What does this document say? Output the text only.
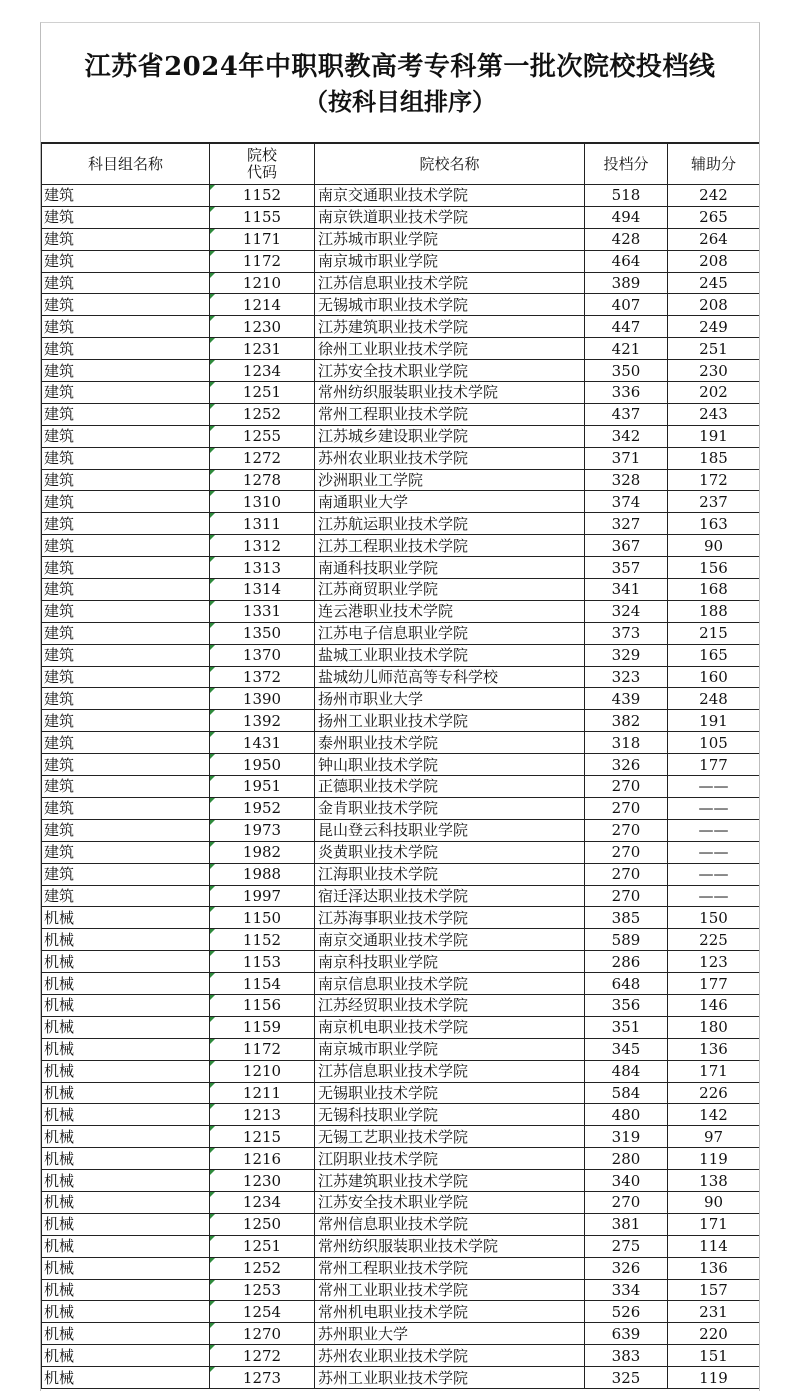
江苏省2024年中职职教高考专科第一批次院校投档线
（按科目组排序）
科目组名称	院校代码	院校名称	投档分	辅助分
建筑	1152	南京交通职业技术学院	518	242
建筑	1155	南京铁道职业技术学院	494	265
建筑	1171	江苏城市职业学院	428	264
建筑	1172	南京城市职业学院	464	208
建筑	1210	江苏信息职业技术学院	389	245
建筑	1214	无锡城市职业技术学院	407	208
建筑	1230	江苏建筑职业技术学院	447	249
建筑	1231	徐州工业职业技术学院	421	251
建筑	1234	江苏安全技术职业学院	350	230
建筑	1251	常州纺织服装职业技术学院	336	202
建筑	1252	常州工程职业技术学院	437	243
建筑	1255	江苏城乡建设职业学院	342	191
建筑	1272	苏州农业职业技术学院	371	185
建筑	1278	沙洲职业工学院	328	172
建筑	1310	南通职业大学	374	237
建筑	1311	江苏航运职业技术学院	327	163
建筑	1312	江苏工程职业技术学院	367	90
建筑	1313	南通科技职业学院	357	156
建筑	1314	江苏商贸职业学院	341	168
建筑	1331	连云港职业技术学院	324	188
建筑	1350	江苏电子信息职业学院	373	215
建筑	1370	盐城工业职业技术学院	329	165
建筑	1372	盐城幼儿师范高等专科学校	323	160
建筑	1390	扬州市职业大学	439	248
建筑	1392	扬州工业职业技术学院	382	191
建筑	1431	泰州职业技术学院	318	105
建筑	1950	钟山职业技术学院	326	177
建筑	1951	正德职业技术学院	270	——
建筑	1952	金肯职业技术学院	270	——
建筑	1973	昆山登云科技职业学院	270	——
建筑	1982	炎黄职业技术学院	270	——
建筑	1988	江海职业技术学院	270	——
建筑	1997	宿迁泽达职业技术学院	270	——
机械	1150	江苏海事职业技术学院	385	150
机械	1152	南京交通职业技术学院	589	225
机械	1153	南京科技职业学院	286	123
机械	1154	南京信息职业技术学院	648	177
机械	1156	江苏经贸职业技术学院	356	146
机械	1159	南京机电职业技术学院	351	180
机械	1172	南京城市职业学院	345	136
机械	1210	江苏信息职业技术学院	484	171
机械	1211	无锡职业技术学院	584	226
机械	1213	无锡科技职业学院	480	142
机械	1215	无锡工艺职业技术学院	319	97
机械	1216	江阴职业技术学院	280	119
机械	1230	江苏建筑职业技术学院	340	138
机械	1234	江苏安全技术职业学院	270	90
机械	1250	常州信息职业技术学院	381	171
机械	1251	常州纺织服装职业技术学院	275	114
机械	1252	常州工程职业技术学院	326	136
机械	1253	常州工业职业技术学院	334	157
机械	1254	常州机电职业技术学院	526	231
机械	1270	苏州职业大学	639	220
机械	1272	苏州农业职业技术学院	383	151
机械	1273	苏州工业职业技术学院	325	119
